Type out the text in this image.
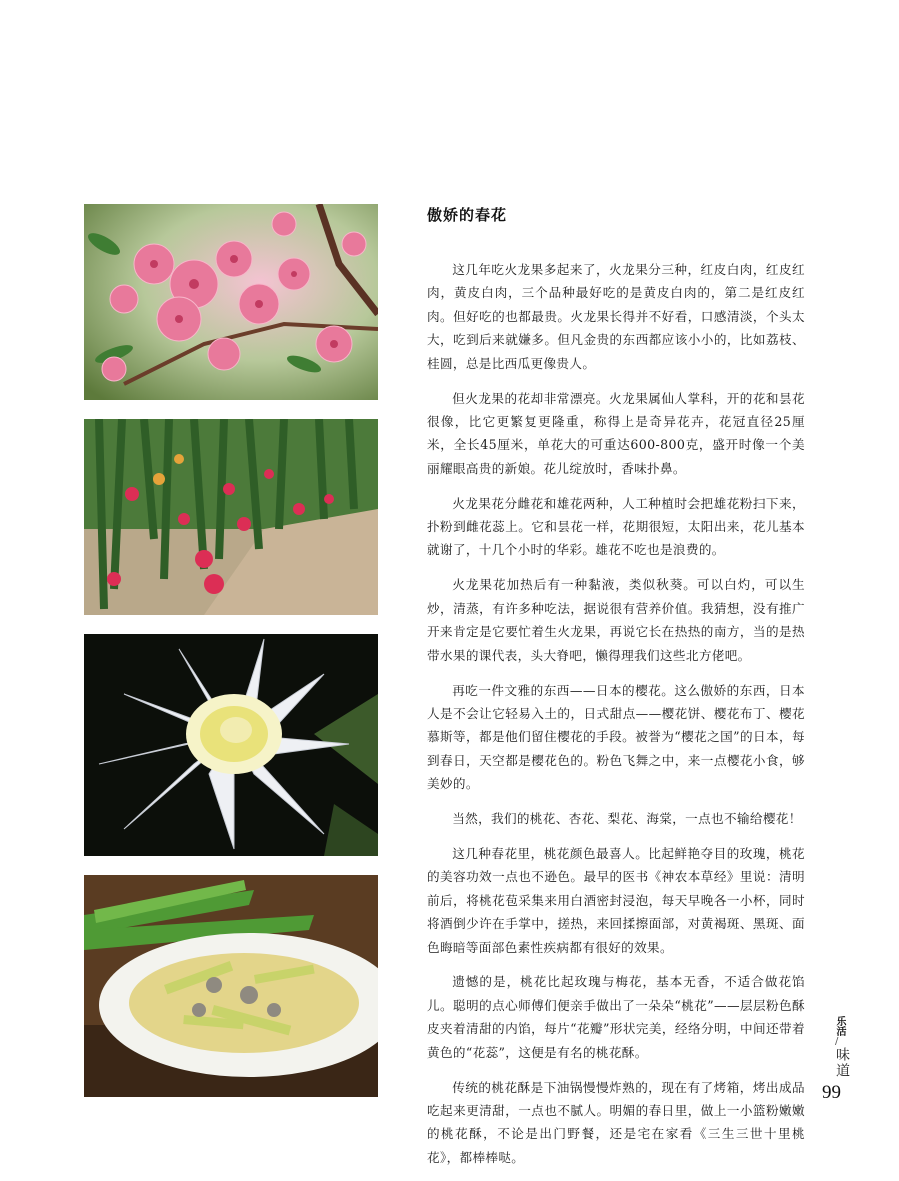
傲娇的春花

这几年吃火龙果多起来了，火龙果分三种，红皮白肉，红皮红肉，黄皮白肉，三个品种最好吃的是黄皮白肉的，第二是红皮红肉。但好吃的也都最贵。火龙果长得并不好看，口感清淡，个头太大，吃到后来就嫌多。但凡金贵的东西都应该小小的，比如荔枝、桂圆，总是比西瓜更像贵人。

但火龙果的花却非常漂亮。火龙果属仙人掌科，开的花和昙花很像，比它更繁复更隆重，称得上是奇异花卉，花冠直径25厘米，全长45厘米，单花大的可重达600-800克，盛开时像一个美丽耀眼高贵的新娘。花儿绽放时，香味扑鼻。

火龙果花分雌花和雄花两种，人工种植时会把雄花粉扫下来，扑粉到雌花蕊上。它和昙花一样，花期很短，太阳出来，花儿基本就谢了，十几个小时的华彩。雄花不吃也是浪费的。

火龙果花加热后有一种黏液，类似秋葵。可以白灼，可以生炒，清蒸，有许多种吃法，据说很有营养价值。我猜想，没有推广开来肯定是它要忙着生火龙果，再说它长在热热的南方，当的是热带水果的课代表，头大脊吧，懒得理我们这些北方佬吧。

再吃一件文雅的东西——日本的樱花。这么傲娇的东西，日本人是不会让它轻易入土的，日式甜点——樱花饼、樱花布丁、樱花慕斯等，都是他们留住樱花的手段。被誉为“樱花之国”的日本，每到春日，天空都是樱花色的。粉色飞舞之中，来一点樱花小食，够美妙的。

当然，我们的桃花、杏花、梨花、海棠，一点也不输给樱花！

这几种春花里，桃花颜色最喜人。比起鲜艳夺目的玫瑰，桃花的美容功效一点也不逊色。最早的医书《神农本草经》里说：清明前后，将桃花苞采集来用白酒密封浸泡，每天早晚各一小杯，同时将酒倒少许在手掌中，搓热，来回揉擦面部，对黄褐斑、黑斑、面色晦暗等面部色素性疾病都有很好的效果。

遗憾的是，桃花比起玫瑰与梅花，基本无香，不适合做花馅儿。聪明的点心师傅们便亲手做出了一朵朵“桃花”——层层粉色酥皮夹着清甜的内馅，每片“花瓣”形状完美，经络分明，中间还带着黄色的“花蕊”，这便是有名的桃花酥。

传统的桃花酥是下油锅慢慢炸熟的，现在有了烤箱，烤出成品吃起来更清甜，一点也不腻人。明媚的春日里，做上一小篮粉嫩嫩的桃花酥，不论是出门野餐，还是宅在家看《三生三世十里桃花》，都棒棒哒。

乐活
/
味道
99
